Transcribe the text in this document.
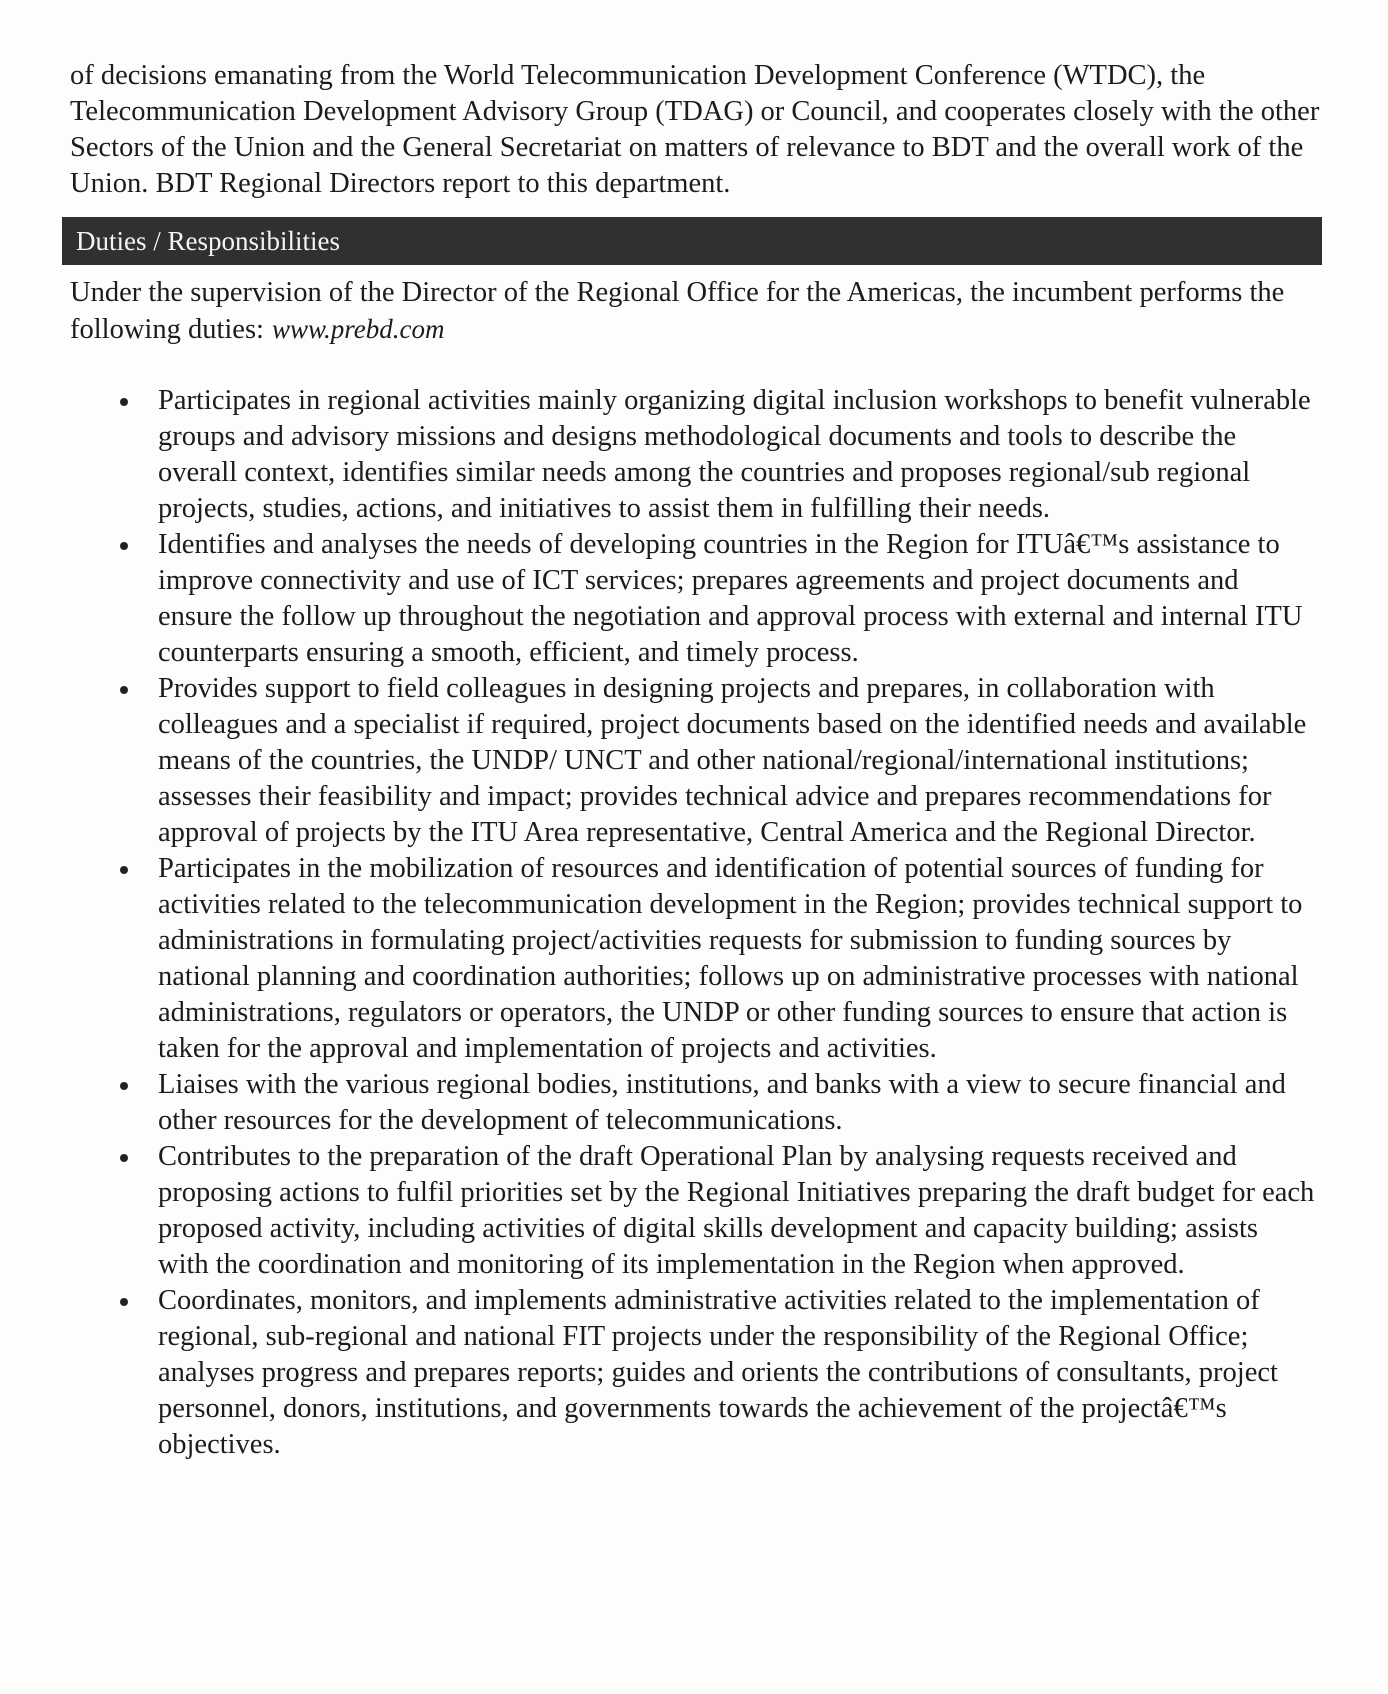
of decisions emanating from the World Telecommunication Development Conference (WTDC), the Telecommunication Development Advisory Group (TDAG) or Council, and cooperates closely with the other Sectors of the Union and the General Secretariat on matters of relevance to BDT and the overall work of the Union. BDT Regional Directors report to this department.

Duties / Responsibilities

Under the supervision of the Director of the Regional Office for the Americas, the incumbent performs the following duties: www.prebd.com

Participates in regional activities mainly organizing digital inclusion workshops to benefit vulnerable groups and advisory missions and designs methodological documents and tools to describe the overall context, identifies similar needs among the countries and proposes regional/sub regional projects, studies, actions, and initiatives to assist them in fulfilling their needs.
Identifies and analyses the needs of developing countries in the Region for ITUâ€™s assistance to improve connectivity and use of ICT services; prepares agreements and project documents and ensure the follow up throughout the negotiation and approval process with external and internal ITU counterparts ensuring a smooth, efficient, and timely process.
Provides support to field colleagues in designing projects and prepares, in collaboration with colleagues and a specialist if required, project documents based on the identified needs and available means of the countries, the UNDP/ UNCT and other national/regional/international institutions; assesses their feasibility and impact; provides technical advice and prepares recommendations for approval of projects by the ITU Area representative, Central America and the Regional Director.
Participates in the mobilization of resources and identification of potential sources of funding for activities related to the telecommunication development in the Region; provides technical support to administrations in formulating project/activities requests for submission to funding sources by national planning and coordination authorities; follows up on administrative processes with national administrations, regulators or operators, the UNDP or other funding sources to ensure that action is taken for the approval and implementation of projects and activities.
Liaises with the various regional bodies, institutions, and banks with a view to secure financial and other resources for the development of telecommunications.
Contributes to the preparation of the draft Operational Plan by analysing requests received and proposing actions to fulfil priorities set by the Regional Initiatives preparing the draft budget for each proposed activity, including activities of digital skills development and capacity building; assists with the coordination and monitoring of its implementation in the Region when approved.
Coordinates, monitors, and implements administrative activities related to the implementation of regional, sub-regional and national FIT projects under the responsibility of the Regional Office; analyses progress and prepares reports; guides and orients the contributions of consultants, project personnel, donors, institutions, and governments towards the achievement of the projectâ€™s objectives.
